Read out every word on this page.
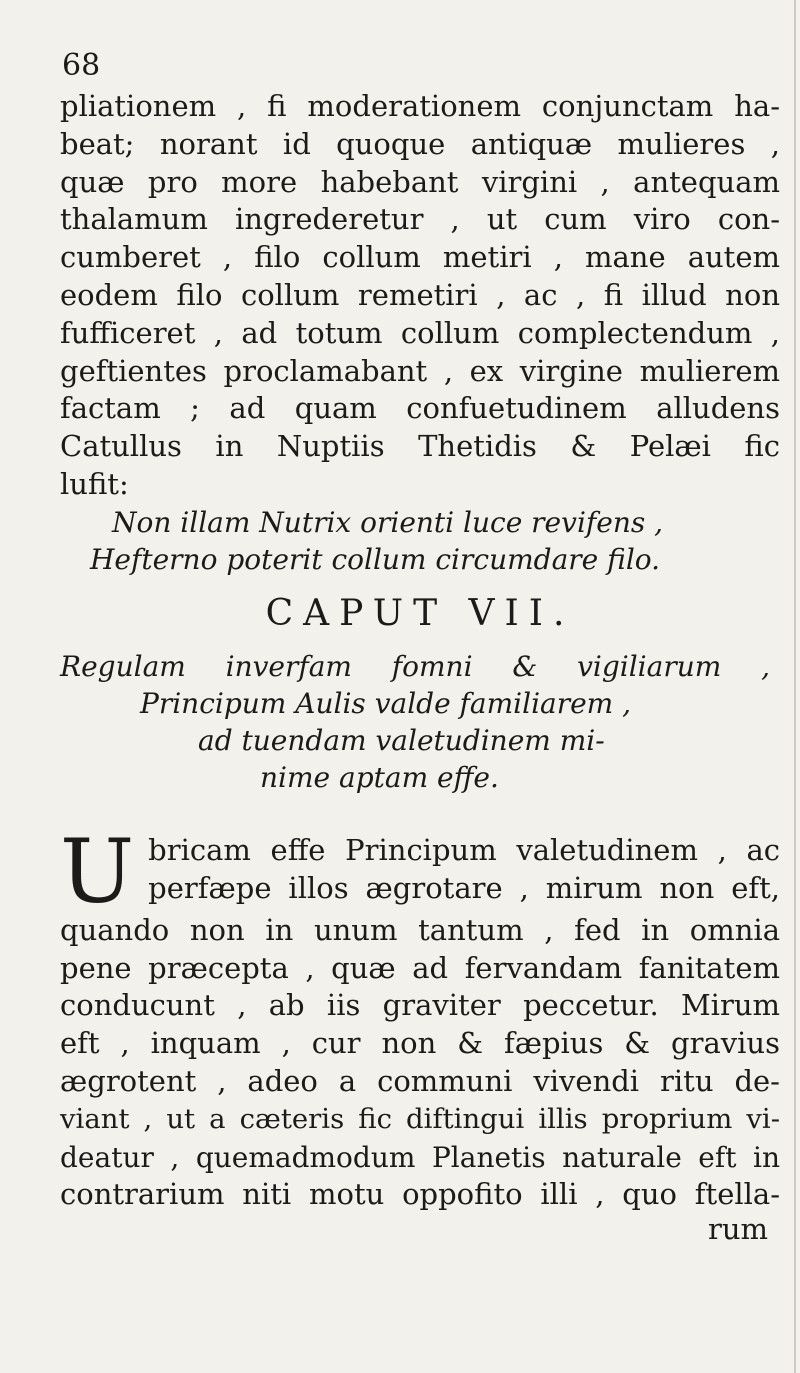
68
pliationem , fi moderationem conjunctam ha-
beat; norant id quoque antiquæ mulieres ,
quæ pro more habebant virgini , antequam
thalamum ingrederetur , ut cum viro con-
cumberet , filo collum metiri , mane autem
eodem filo collum remetiri , ac , fi illud non
fufficeret , ad totum collum complectendum ,
geftientes proclamabant , ex virgine mulierem
factam ; ad quam confuetudinem alludens
Catullus in Nuptiis Thetidis & Pelæi fic
lufit:
Non illam Nutrix orienti luce revifens ,
Hefterno poterit collum circumdare filo.
CAPUT VII.
Regulam inverfam fomni & vigiliarum ,
Principum Aulis valde familiarem ,
ad tuendam valetudinem mi-
nime aptam effe.
U bricam effe Principum valetudinem , ac
perfæpe illos ægrotare , mirum non eft,
quando non in unum tantum , fed in omnia
pene præcepta , quæ ad fervandam fanitatem
conducunt , ab iis graviter peccetur. Mirum
eft , inquam , cur non & fæpius & gravius
ægrotent , adeo a communi vivendi ritu de-
viant , ut a cæteris fic diftingui illis proprium vi-
deatur , quemadmodum Planetis naturale eft in
contrarium niti motu oppofito illi , quo ftella-
rum
